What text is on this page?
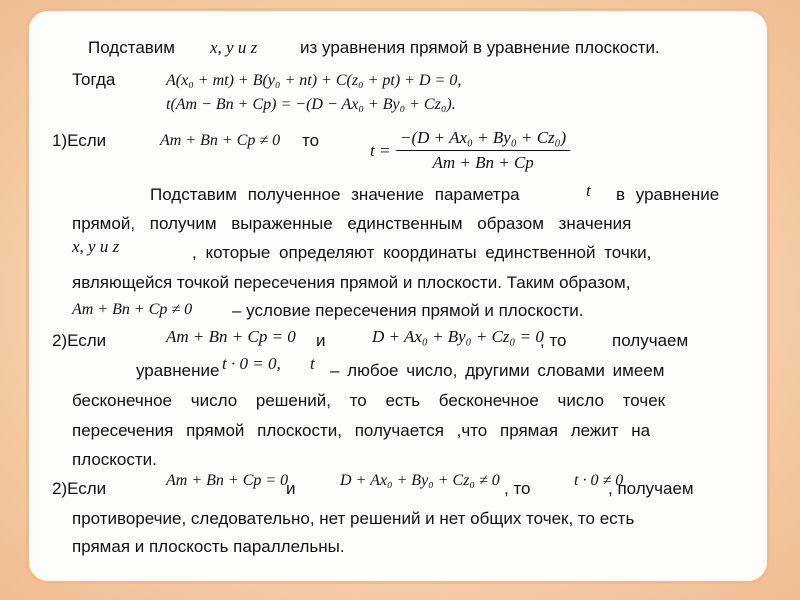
Подставим x, y и z	из уравнения прямой в уравнение плоскости.
Тогда	A(x₀ + mt) + B(y₀ + nt) + C(z₀ + pt) + D = 0,
t(Am − Bn + Cp) = −(D − Ax₀ + By₀ + Cz₀).
1)Если	Am + Bn + Cp ≠ 0 то
$t = \frac{\text{−(D + Ax₀ + By₀ + Cz₀)}}{Am + Bn + Cp}$
Подставим полученное значение параметра	t в уравнение
прямой, получим выраженные единственным образом значения
x, y и z	, которые определяют координаты единственной точки,
являющейся точкой пересечения прямой и плоскости. Таким образом,
Am + Bn + Cp ≠ 0 – условие пересечения прямой и плоскости.
2)Если	Am + Bn + Cp = 0 и	D + Ax₀ + By₀ + Cz₀ = 0
, то	получаем
уравнение t · 0 = 0, t – любое число, другими словами имеем
бесконечное число решений, то есть бесконечное число точек
пересечения прямой плоскости, получается ,что прямая лежит на
плоскости.
2)Если	Am + Bn + Cp = 0
и	D + Ax₀ + By₀ + Cz₀ ≠ 0 , то	t · 0 ≠ 0
, получаем
противоречие, следовательно, нет решений и нет общих точек, то есть
прямая и плоскость параллельны.
